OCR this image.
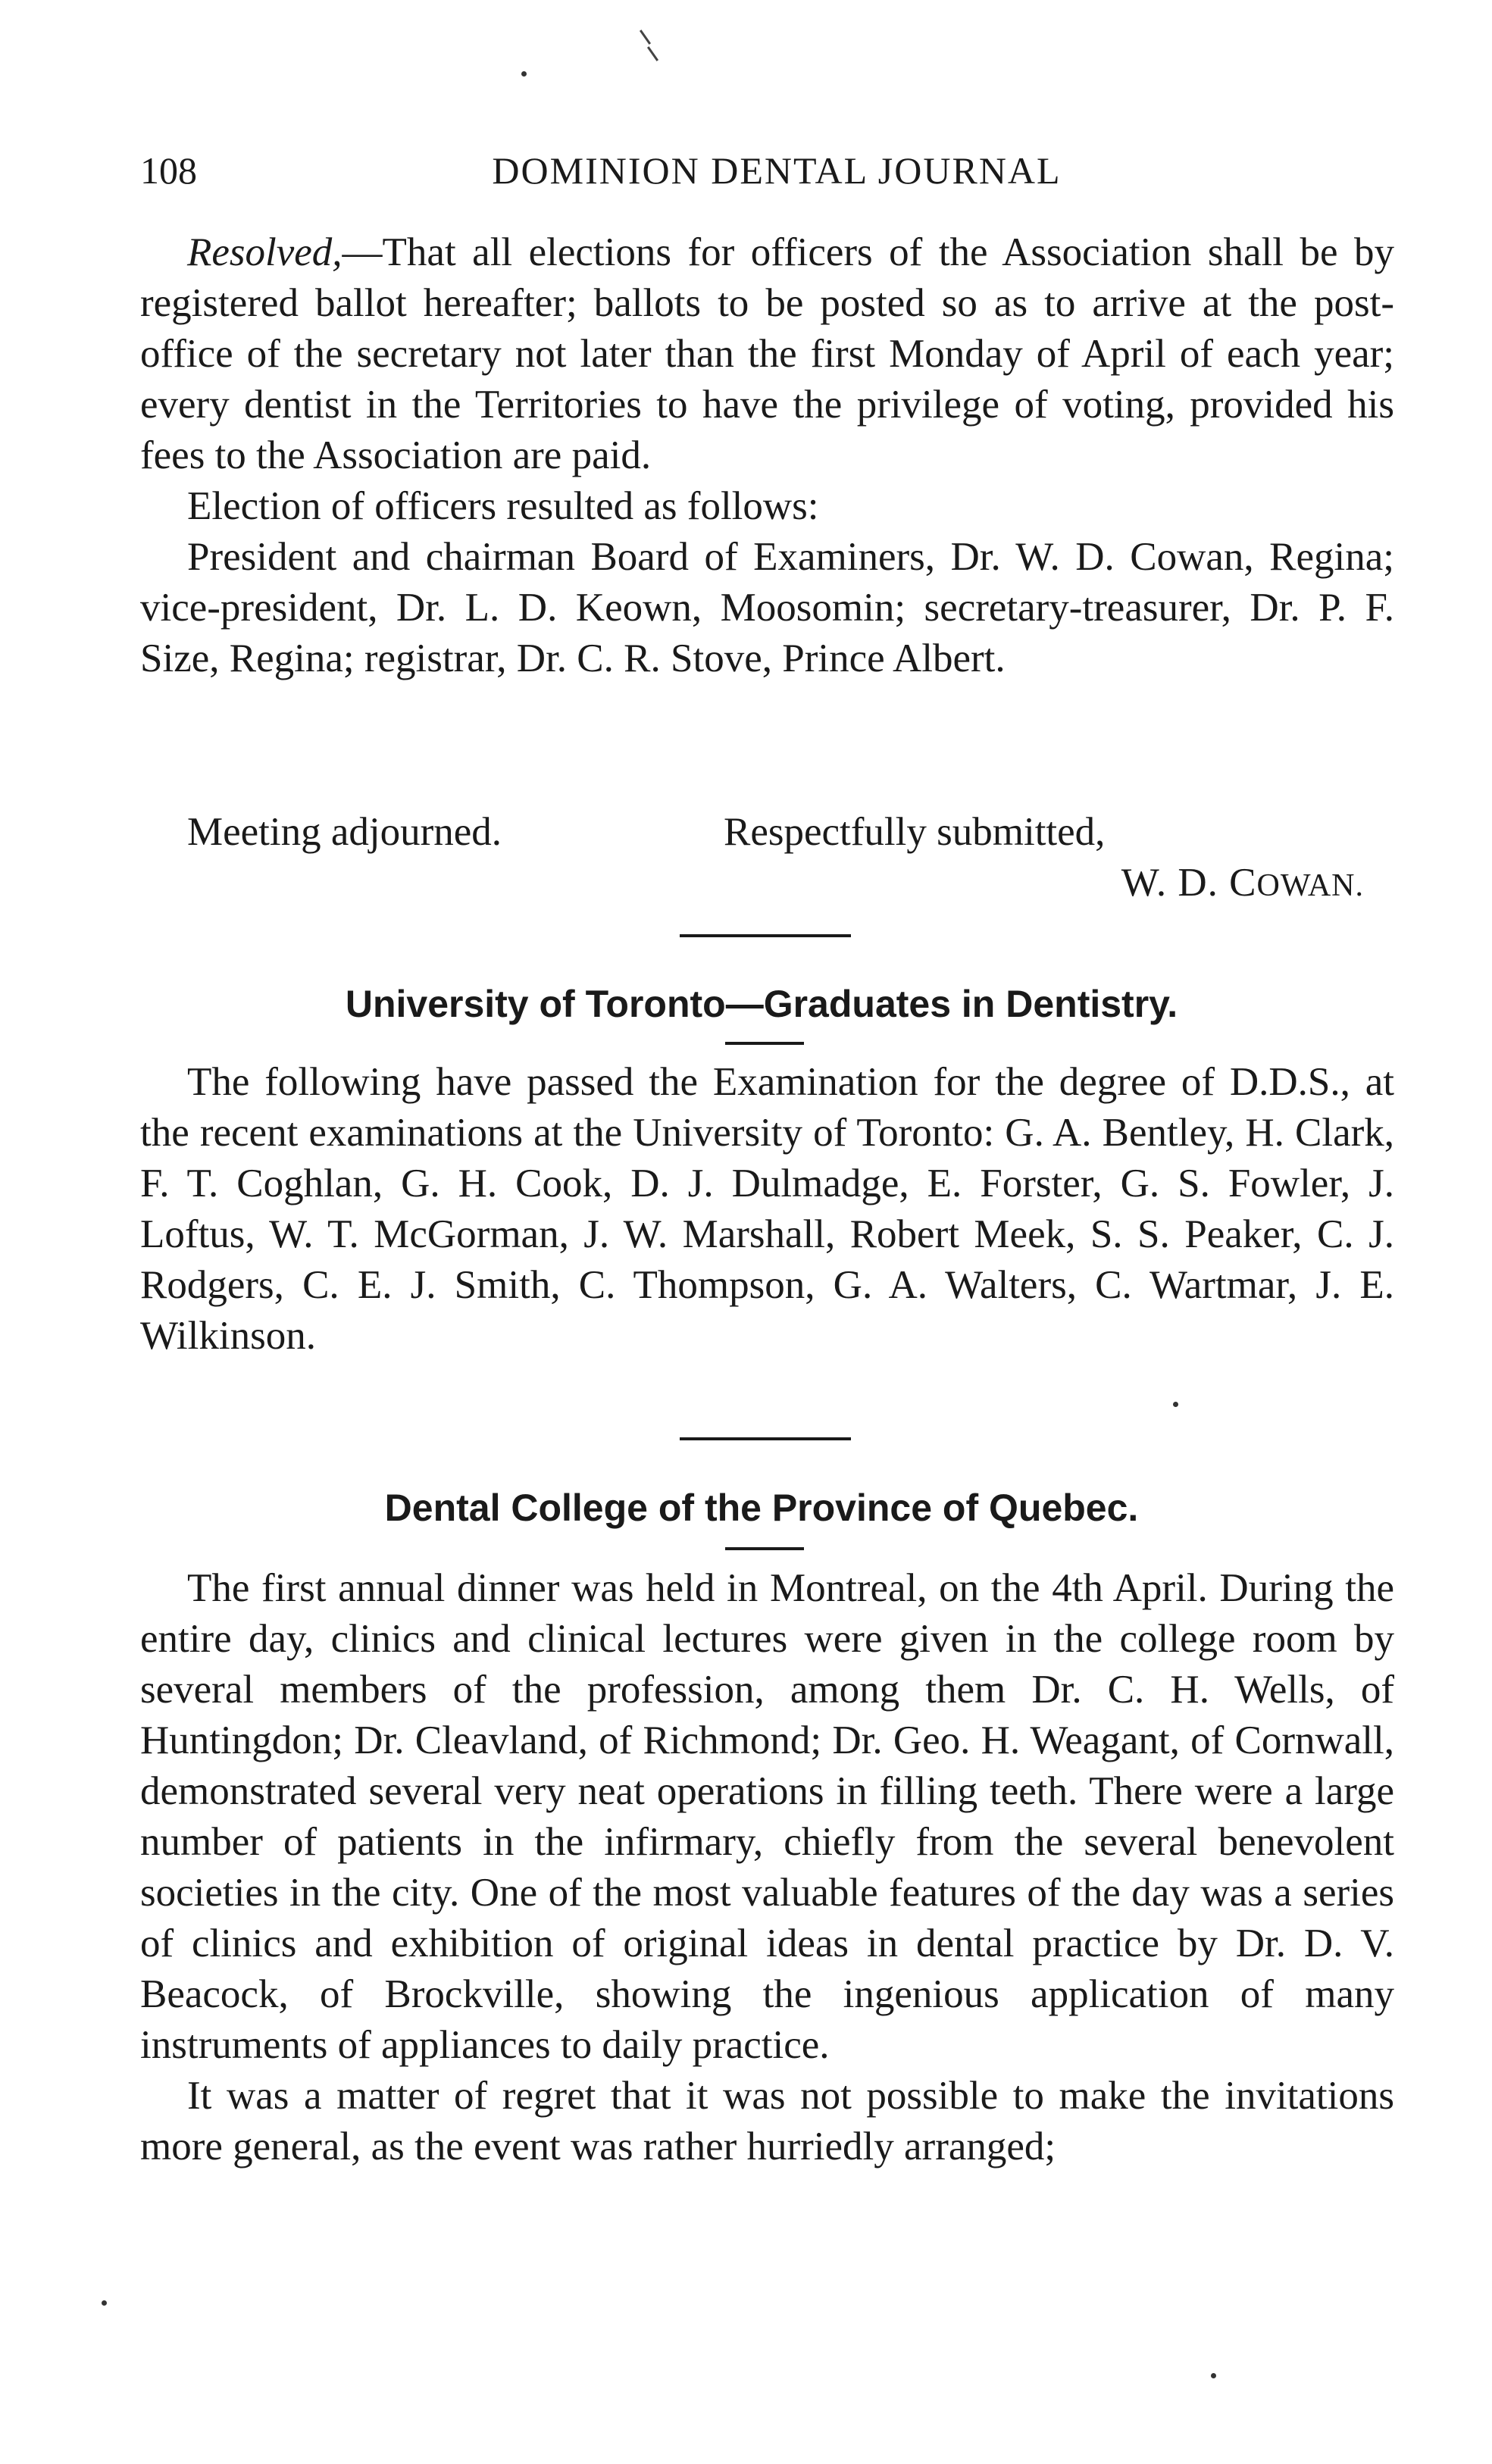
108	DOMINION DENTAL JOURNAL

Resolved,—That all elections for officers of the Association shall be by registered ballot hereafter; ballots to be posted so as to arrive at the post-office of the secretary not later than the first Monday of April of each year; every dentist in the Territories to have the privilege of voting, provided his fees to the Association are paid.

Election of officers resulted as follows:

President and chairman Board of Examiners, Dr. W. D. Cowan, Regina; vice-president, Dr. L. D. Keown, Moosomin; secretary-treasurer, Dr. P. F. Size, Regina; registrar, Dr. C. R. Stove, Prince Albert.

Meeting adjourned.	Respectfully submitted,
W. D. COWAN.
University of Toronto—Graduates in Dentistry.

The following have passed the Examination for the degree of D.D.S., at the recent examinations at the University of Toronto: G. A. Bentley, H. Clark, F. T. Coghlan, G. H. Cook, D. J. Dulmadge, E. Forster, G. S. Fowler, J. Loftus, W. T. McGorman, J. W. Marshall, Robert Meek, S. S. Peaker, C. J. Rodgers, C. E. J. Smith, C. Thompson, G. A. Walters, C. Wartmar, J. E. Wilkinson.

Dental College of the Province of Quebec.

The first annual dinner was held in Montreal, on the 4th April. During the entire day, clinics and clinical lectures were given in the college room by several members of the profession, among them Dr. C. H. Wells, of Huntingdon; Dr. Cleavland, of Richmond; Dr. Geo. H. Weagant, of Cornwall, demonstrated several very neat operations in filling teeth. There were a large number of patients in the infirmary, chiefly from the several benevolent societies in the city. One of the most valuable features of the day was a series of clinics and exhibition of original ideas in dental practice by Dr. D. V. Beacock, of Brockville, showing the ingenious application of many instruments of appliances to daily practice.

It was a matter of regret that it was not possible to make the invitations more general, as the event was rather hurriedly arranged;
